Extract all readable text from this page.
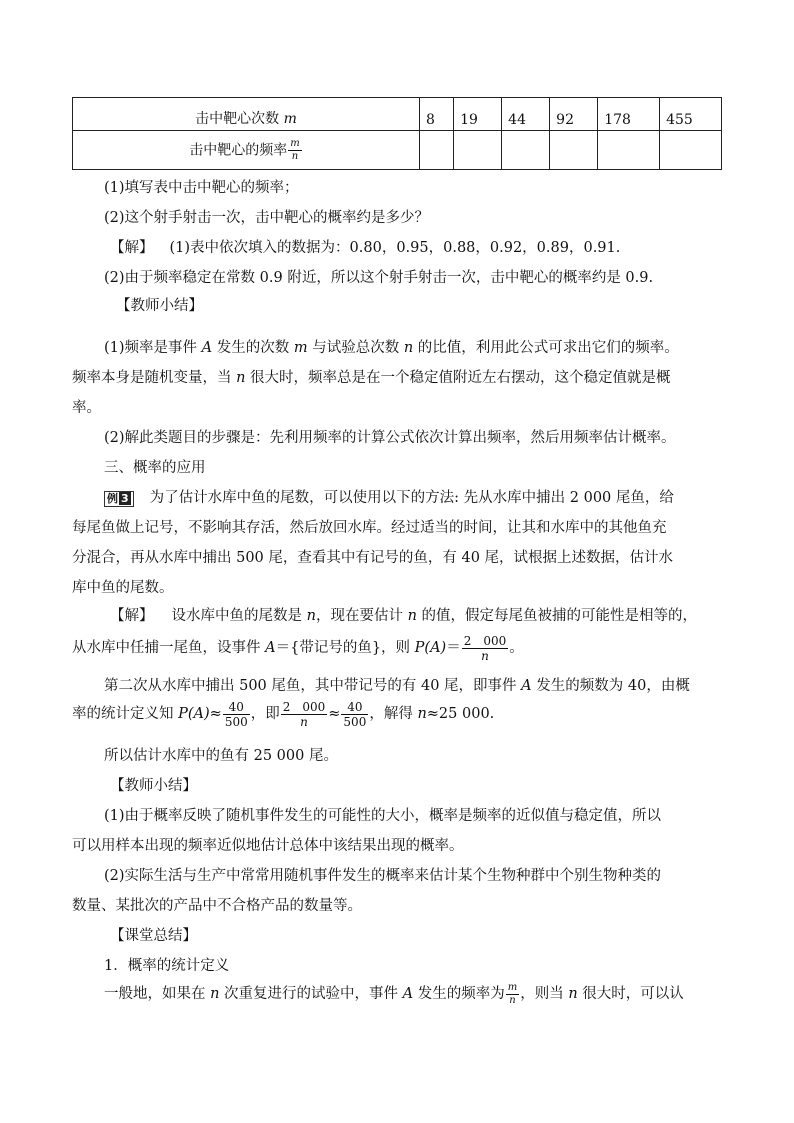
击中靶心次数 m	8	19	44	92	178	455
击中靶心的频率 $\frac{m}{n}$

(1)填写表中击中靶心的频率；
(2)这个射手射击一次，击中靶心的概率约是多少？
【解】 (1)表中依次填入的数据为：0.80，0.95，0.88，0.92，0.89，0.91.
(2)由于频率稳定在常数 0.9 附近，所以这个射手射击一次，击中靶心的概率约是 0.9.
【教师小结】
(1)频率是事件 A 发生的次数 m 与试验总次数 n 的比值，利用此公式可求出它们的频率。
频率本身是随机变量，当 n 很大时，频率总是在一个稳定值附近左右摆动，这个稳定值就是概
率。
(2)解此类题目的步骤是：先利用频率的计算公式依次计算出频率，然后用频率估计概率。
三、概率的应用
例 3 为了估计水库中鱼的尾数，可以使用以下的方法: 先从水库中捕出 2 000 尾鱼，给
每尾鱼做上记号，不影响其存活，然后放回水库。经过适当的时间，让其和水库中的其他鱼充
分混合，再从水库中捕出 500 尾，查看其中有记号的鱼，有 40 尾，试根据上述数据，估计水
库中鱼的尾数。
【解】 设水库中鱼的尾数是 n，现在要估计 n 的值，假定每尾鱼被捕的可能性是相等的，
从水库中任捕一尾鱼，设事件 A＝{带记号的鱼}，则 $P(A)= \frac{2 000}{n}$ 。
第二次从水库中捕出 500 尾鱼，其中带记号的有 40 尾，即事件 A 发生的频数为 40，由概
率的统计定义知 $P(A)\approx \frac{40}{500}$ ，即 $\frac{2 000}{n} \approx \frac{40}{500}$ ，解得 n≈25 000.
所以估计水库中的鱼有 25 000 尾。
【教师小结】
(1)由于概率反映了随机事件发生的可能性的大小，概率是频率的近似值与稳定值，所以
可以用样本出现的频率近似地估计总体中该结果出现的概率。
(2)实际生活与生产中常常用随机事件发生的概率来估计某个生物种群中个别生物种类的
数量、某批次的产品中不合格产品的数量等。
【课堂总结】
1．概率的统计定义
一般地，如果在 n 次重复进行的试验中，事件 A 发生的频率为 $\frac{m}{n}$ ，则当 n 很大时，可以认
